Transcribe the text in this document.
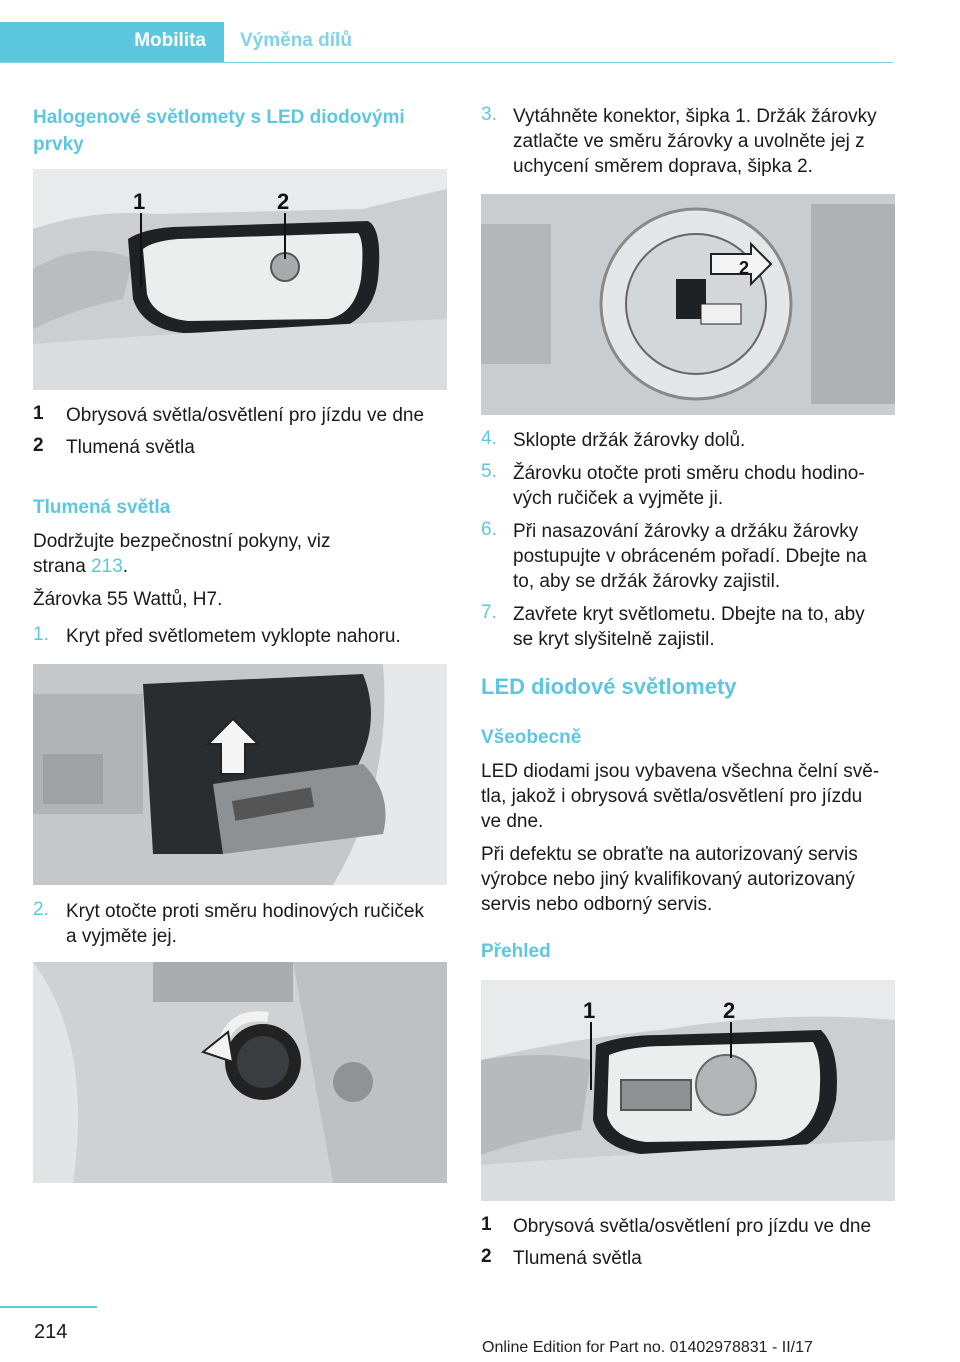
Mobilita Výměna dílů
Halogenové světlomety s LED diodovými prvky
1	2
1 Obrysová světla/osvětlení pro jízdu ve dne
2 Tlumená světla
Tlumená světla
Dodržujte bezpečnostní pokyny, viz
strana 213.
Žárovka 55 Wattů, H7.
1. Kryt před světlometem vyklopte nahoru.
2. Kryt otočte proti směru hodinových ručiček
a vyjměte jej.
3. Vytáhněte konektor, šipka 1. Držák žárovky
zatlačte ve směru žárovky a uvolněte jej z
uchycení směrem doprava, šipka 2.
2
4. Sklopte držák žárovky dolů.
5. Žárovku otočte proti směru chodu hodino‐
vých ručiček a vyjměte ji.
6. Při nasazování žárovky a držáku žárovky
postupujte v obráceném pořadí. Dbejte na
to, aby se držák žárovky zajistil.
7. Zavřete kryt světlometu. Dbejte na to, aby
se kryt slyšitelně zajistil.
LED diodové světlomety
Všeobecně
LED diodami jsou vybavena všechna čelní svě‐
tla, jakož i obrysová světla/osvětlení pro jízdu
ve dne.
Při defektu se obraťte na autorizovaný servis
výrobce nebo jiný kvalifikovaný autorizovaný
servis nebo odborný servis.
Přehled
1	2
1 Obrysová světla/osvětlení pro jízdu ve dne
2 Tlumená světla
214
Online Edition for Part no. 01402978831 - II/17
